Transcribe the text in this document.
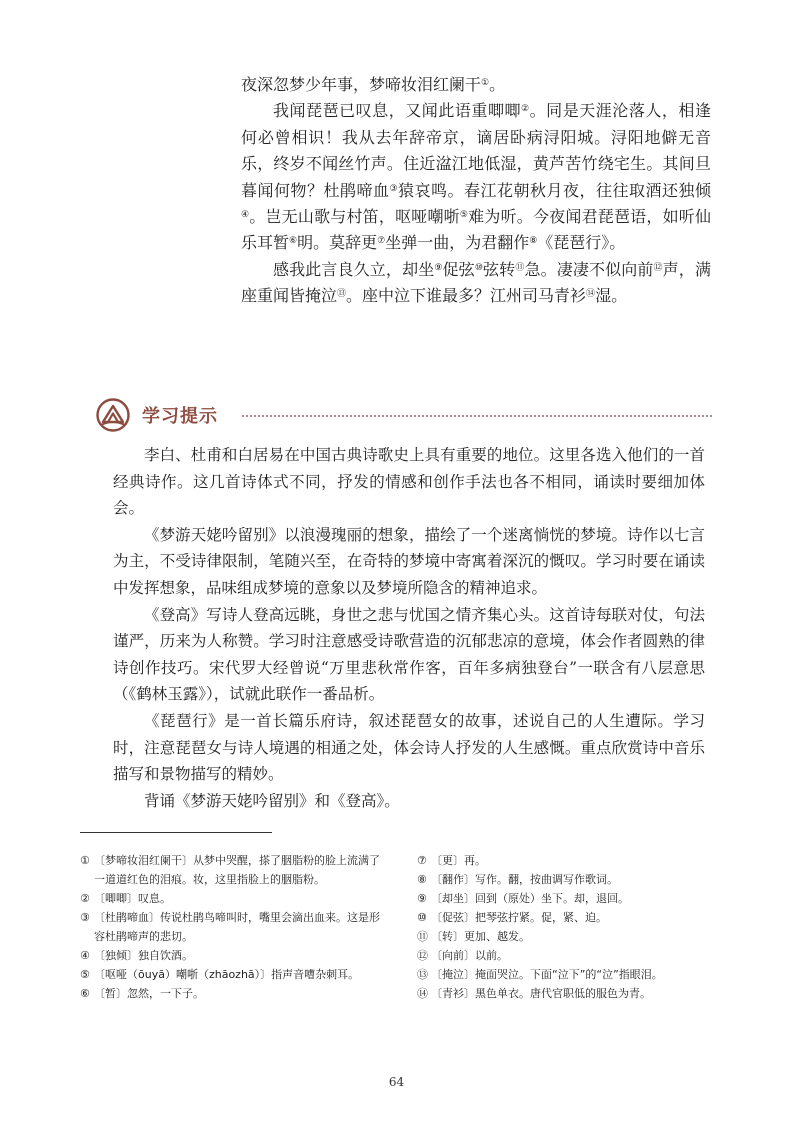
夜深忽梦少年事，梦啼妆泪红阑干①。

我闻琵琶已叹息，又闻此语重唧唧②。同是天涯沦落人，相逢何必曾相识！我从去年辞帝京，谪居卧病浔阳城。浔阳地僻无音乐，终岁不闻丝竹声。住近湓江地低湿，黄芦苦竹绕宅生。其间旦暮闻何物？杜鹃啼血③猿哀鸣。春江花朝秋月夜，往往取酒还独倾④。岂无山歌与村笛，呕哑嘲哳⑤难为听。今夜闻君琵琶语，如听仙乐耳暂⑥明。莫辞更⑦坐弹一曲，为君翻作⑧《琵琶行》。

感我此言良久立，却坐⑨促弦⑩弦转⑪急。凄凄不似向前⑫声，满座重闻皆掩泣⑬。座中泣下谁最多？江州司马青衫⑭湿。

学习提示

李白、杜甫和白居易在中国古典诗歌史上具有重要的地位。这里各选入他们的一首经典诗作。这几首诗体式不同，抒发的情感和创作手法也各不相同，诵读时要细加体会。

《梦游天姥吟留别》以浪漫瑰丽的想象，描绘了一个迷离惝恍的梦境。诗作以七言为主，不受诗律限制，笔随兴至，在奇特的梦境中寄寓着深沉的慨叹。学习时要在诵读中发挥想象，品味组成梦境的意象以及梦境所隐含的精神追求。

《登高》写诗人登高远眺，身世之悲与忧国之情齐集心头。这首诗每联对仗，句法谨严，历来为人称赞。学习时注意感受诗歌营造的沉郁悲凉的意境，体会作者圆熟的律诗创作技巧。宋代罗大经曾说“万里悲秋常作客，百年多病独登台”一联含有八层意思（《鹤林玉露》），试就此联作一番品析。

《琵琶行》是一首长篇乐府诗，叙述琵琶女的故事，述说自己的人生遭际。学习时，注意琵琶女与诗人境遇的相通之处，体会诗人抒发的人生感慨。重点欣赏诗中音乐描写和景物描写的精妙。

背诵《梦游天姥吟留别》和《登高》。

① 〔梦啼妆泪红阑干〕从梦中哭醒，搽了胭脂粉的脸上流满了一道道红色的泪痕。妆，这里指脸上的胭脂粉。
② 〔唧唧〕叹息。
③ 〔杜鹃啼血〕传说杜鹃鸟啼叫时，嘴里会滴出血来。这是形容杜鹃啼声的悲切。
④ 〔独倾〕独自饮酒。
⑤ 〔呕哑（ōuyā）嘲哳（zhāozhā）〕指声音嘈杂刺耳。
⑥ 〔暂〕忽然，一下子。
⑦ 〔更〕再。
⑧ 〔翻作〕写作。翻，按曲调写作歌词。
⑨ 〔却坐〕回到（原处）坐下。却，退回。
⑩ 〔促弦〕把琴弦拧紧。促，紧、迫。
⑪ 〔转〕更加、越发。
⑫ 〔向前〕以前。
⑬ 〔掩泣〕掩面哭泣。下面“泣下”的“泣”指眼泪。
⑭ 〔青衫〕黑色单衣。唐代官职低的服色为青。
64
